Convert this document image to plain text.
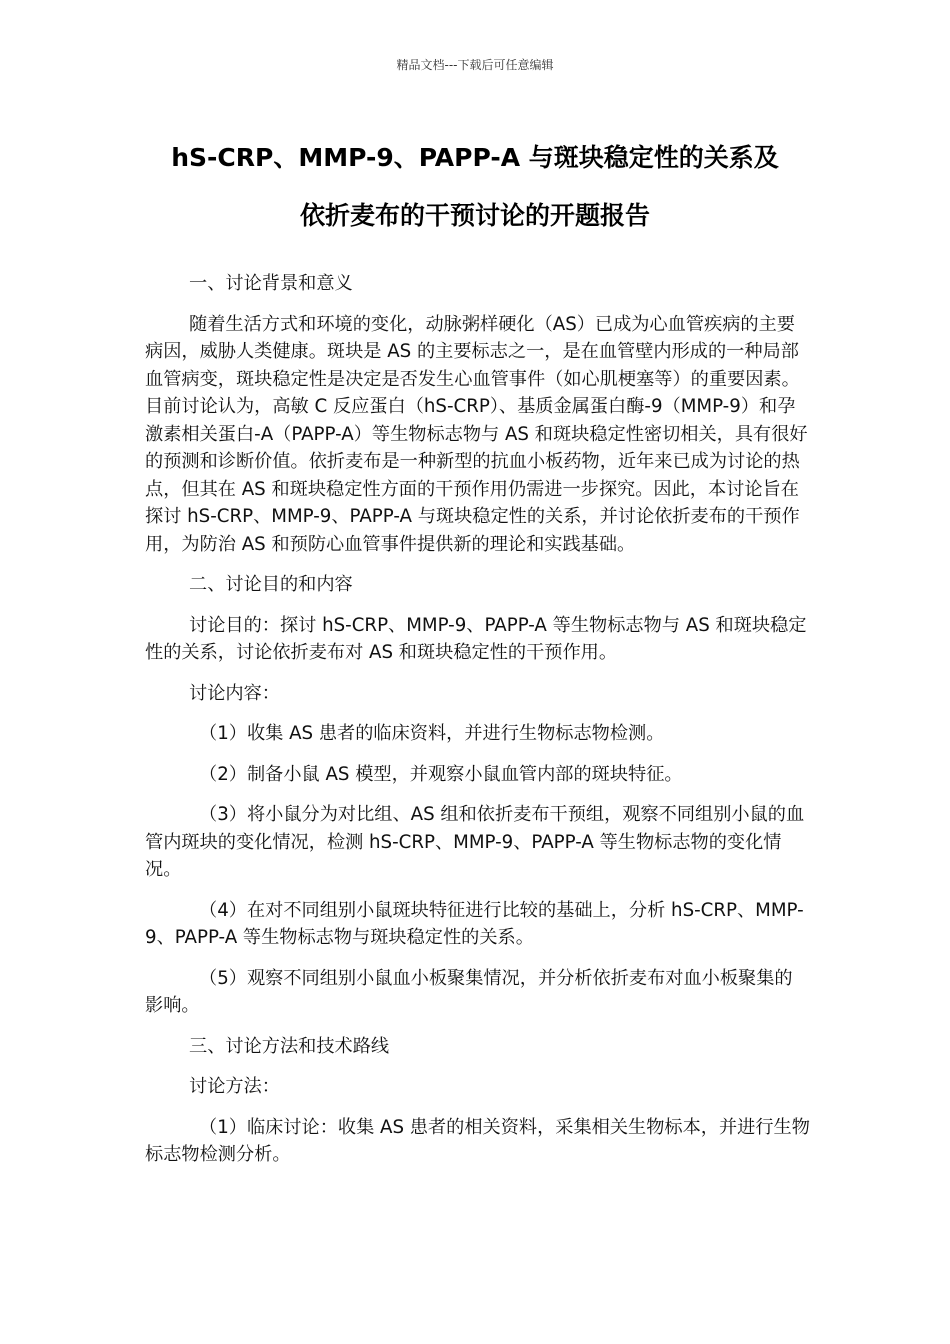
精品文档---下载后可任意编辑
hS-CRP、MMP-9、PAPP-A 与斑块稳定性的关系及
依折麦布的干预讨论的开题报告

一、讨论背景和意义

随着生活方式和环境的变化，动脉粥样硬化（AS）已成为心血管疾病的主要病因，威胁人类健康。斑块是 AS 的主要标志之一，是在血管壁内形成的一种局部血管病变，斑块稳定性是决定是否发生心血管事件（如心肌梗塞等）的重要因素。目前讨论认为，高敏 C 反应蛋白（hS-CRP）、基质金属蛋白酶-9（MMP-9）和孕激素相关蛋白-A（PAPP-A）等生物标志物与 AS 和斑块稳定性密切相关，具有很好的预测和诊断价值。依折麦布是一种新型的抗血小板药物，近年来已成为讨论的热点，但其在 AS 和斑块稳定性方面的干预作用仍需进一步探究。因此，本讨论旨在探讨 hS-CRP、MMP-9、PAPP-A 与斑块稳定性的关系，并讨论依折麦布的干预作用，为防治 AS 和预防心血管事件提供新的理论和实践基础。

二、讨论目的和内容

讨论目的：探讨 hS-CRP、MMP-9、PAPP-A 等生物标志物与 AS 和斑块稳定性的关系，讨论依折麦布对 AS 和斑块稳定性的干预作用。

讨论内容：

（1）收集 AS 患者的临床资料，并进行生物标志物检测。

（2）制备小鼠 AS 模型，并观察小鼠血管内部的斑块特征。

（3）将小鼠分为对比组、AS 组和依折麦布干预组，观察不同组别小鼠的血管内斑块的变化情况，检测 hS-CRP、MMP-9、PAPP-A 等生物标志物的变化情况。

（4）在对不同组别小鼠斑块特征进行比较的基础上，分析 hS-CRP、MMP-9、PAPP-A 等生物标志物与斑块稳定性的关系。

（5）观察不同组别小鼠血小板聚集情况，并分析依折麦布对血小板聚集的影响。

三、讨论方法和技术路线

讨论方法：

（1）临床讨论：收集 AS 患者的相关资料，采集相关生物标本，并进行生物标志物检测分析。
